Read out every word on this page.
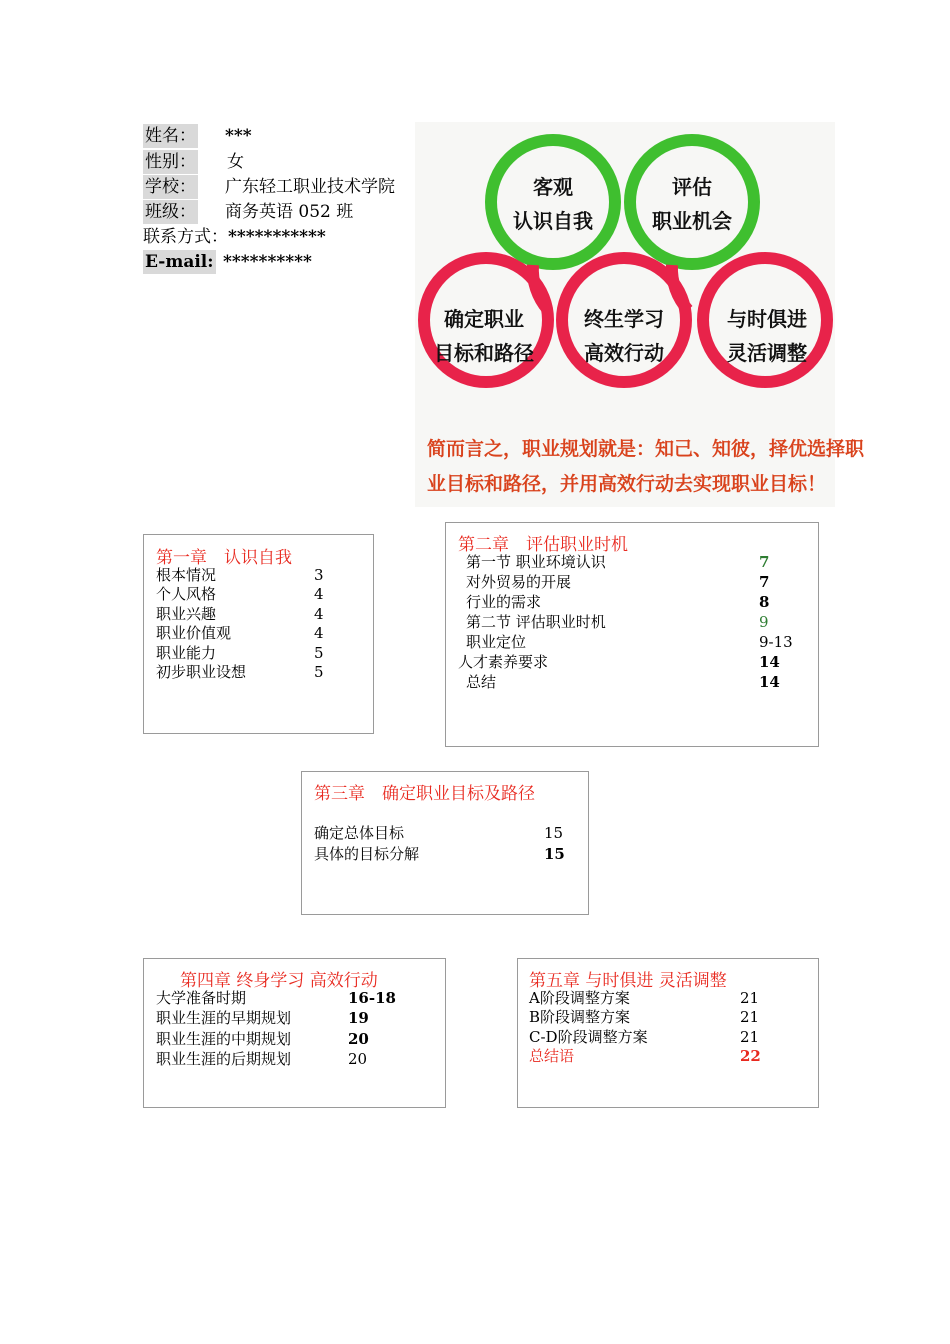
姓名： ***
性别： 女
学校： 广东轻工职业技术学院
班级： 商务英语 052 班
联系方式：***********
E-mail: **********
客观
认识自我
评估
职业机会
确定职业
目标和路径
终生学习
高效行动
与时俱进
灵活调整
简而言之，职业规划就是：知己、知彼，择优选择职
业目标和路径，并用高效行动去实现职业目标！
第一章　认识自我
根本情况	3
个人风格	4
职业兴趣	4
职业价值观	4
职业能力	5
初步职业设想	5
第二章　评估职业时机
第一节 职业环境认识	7
对外贸易的开展	7
行业的需求	8
第二节 评估职业时机	9
职业定位	9-13
人才素养要求	14
总结	14
第三章　确定职业目标及路径
确定总体目标	15
具体的目标分解	15
第四章 终身学习 高效行动
大学准备时期	16-18
职业生涯的早期规划	19
职业生涯的中期规划	20
职业生涯的后期规划	20
第五章 与时俱进 灵活调整
A阶段调整方案	21
B阶段调整方案	21
C-D阶段调整方案	21
总结语	22
